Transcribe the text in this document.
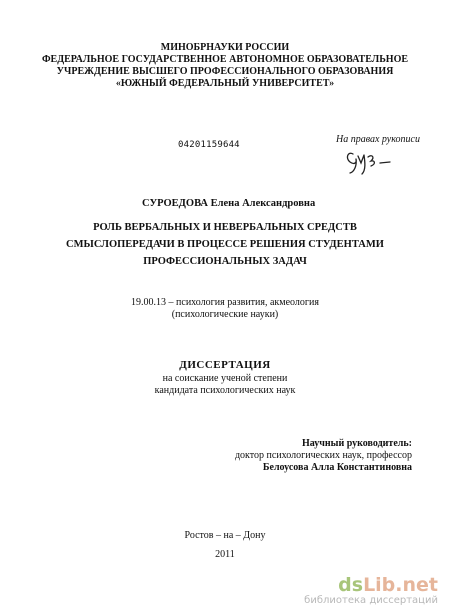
МИНОБРНАУКИ РОССИИ
ФЕДЕРАЛЬНОЕ ГОСУДАРСТВЕННОЕ АВТОНОМНОЕ ОБРАЗОВАТЕЛЬНОЕ
УЧРЕЖДЕНИЕ ВЫСШЕГО ПРОФЕССИОНАЛЬНОГО ОБРАЗОВАНИЯ
«ЮЖНЫЙ ФЕДЕРАЛЬНЫЙ УНИВЕРСИТЕТ»
04201159644	На правах рукописи
СУРОЕДОВА Елена Александровна
РОЛЬ ВЕРБАЛЬНЫХ И НЕВЕРБАЛЬНЫХ СРЕДСТВ
СМЫСЛОПЕРЕДАЧИ В ПРОЦЕССЕ РЕШЕНИЯ СТУДЕНТАМИ
ПРОФЕССИОНАЛЬНЫХ ЗАДАЧ
19.00.13 – психология развития, акмеология
(психологические науки)
ДИССЕРТАЦИЯ
на соискание ученой степени
кандидата психологических наук
Научный руководитель:
доктор психологических наук, профессор
Белоусова Алла Константиновна
Ростов – на – Дону
2011
dsLib.net
библиотека диссертаций
